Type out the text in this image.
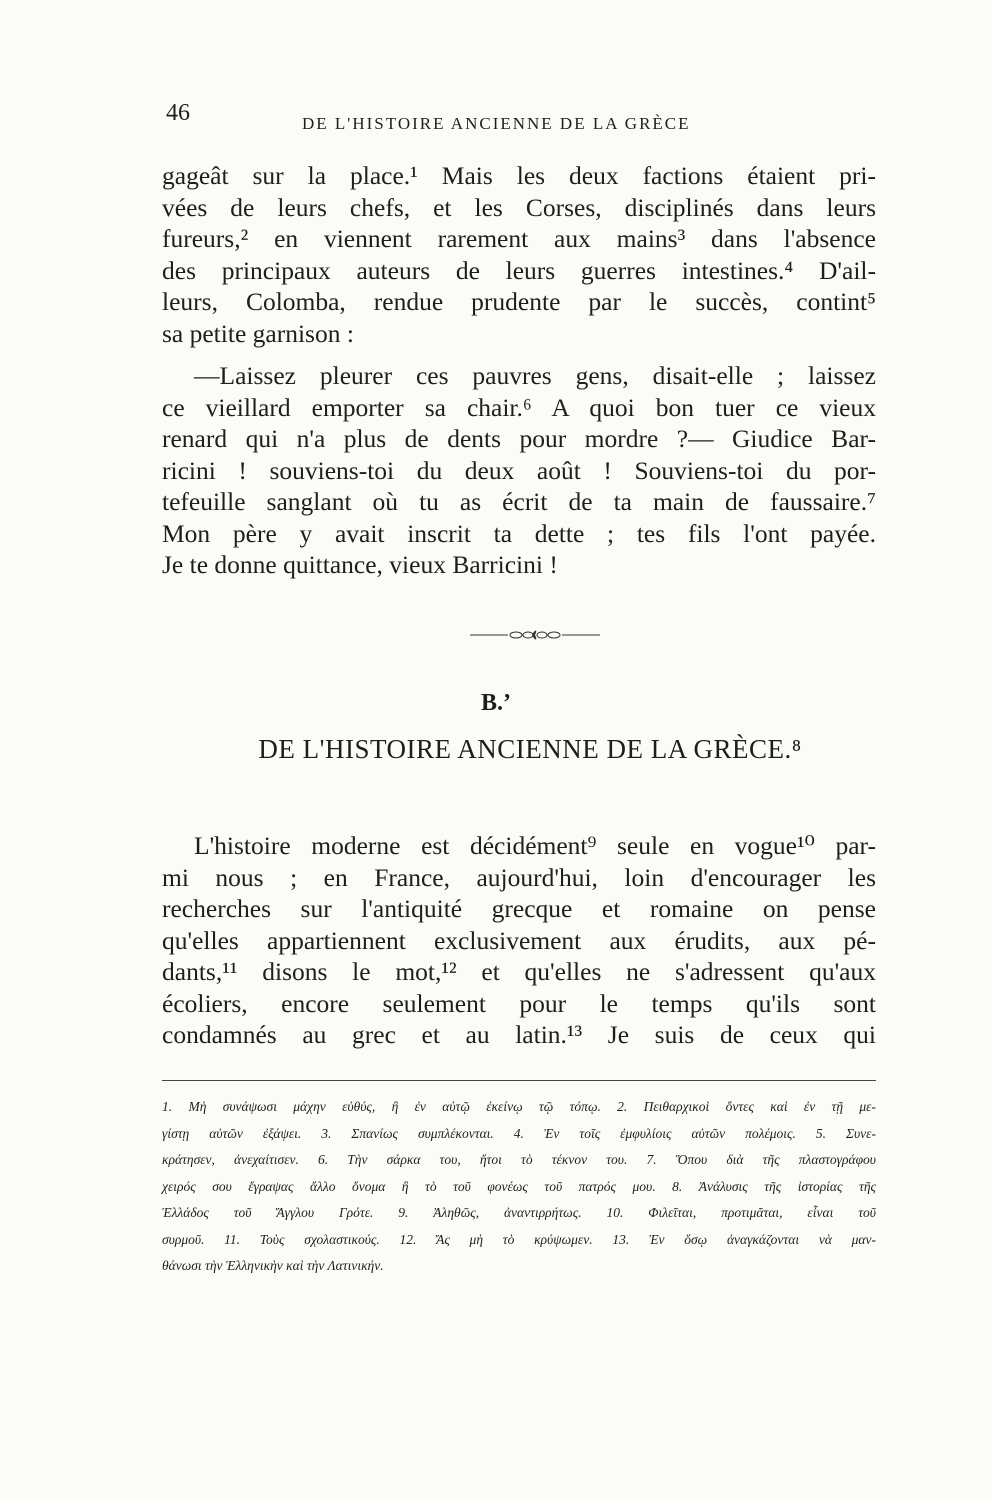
46	DE L'HISTOIRE ANCIENNE DE LA GRÈCE
gageât sur la place.¹ Mais les deux factions étaient pri-
vées de leurs chefs, et les Corses, disciplinés dans leurs
fureurs,² en viennent rarement aux mains³ dans l'absence
des principaux auteurs de leurs guerres intestines.⁴ D'ail-
leurs, Colomba, rendue prudente par le succès, contint⁵
sa petite garnison :
—Laissez pleurer ces pauvres gens, disait-elle ; laissez
ce vieillard emporter sa chair.⁶ A quoi bon tuer ce vieux
renard qui n'a plus de dents pour mordre ?— Giudice Bar-
ricini ! souviens-toi du deux août ! Souviens-toi du por-
tefeuille sanglant où tu as écrit de ta main de faussaire.⁷
Mon père y avait inscrit ta dette ; tes fils l'ont payée.
Je te donne quittance, vieux Barricini !
B.’
DE L'HISTOIRE ANCIENNE DE LA GRÈCE.⁸
L'histoire moderne est décidément⁹ seule en vogue¹⁰ par-
mi nous ; en France, aujourd'hui, loin d'encourager les
recherches sur l'antiquité grecque et romaine on pense
qu'elles appartiennent exclusivement aux érudits, aux pé-
dants,¹¹ disons le mot,¹² et qu'elles ne s'adressent qu'aux
écoliers, encore seulement pour le temps qu'ils sont
condamnés au grec et au latin.¹³ Je suis de ceux qui
1. Μὴ συνάψωσι μάχην εὐθύς, ἢ ἐν αὐτῷ ἐκείνῳ τῷ τόπῳ. 2. Πειθαρχικοὶ ὄντες καὶ ἐν τῇ με-
γίστῃ αὐτῶν ἐξάψει. 3. Σπανίως συμπλέκονται. 4. Ἐν τοῖς ἐμφυλίοις αὐτῶν πολέμοις. 5. Συνε-
κράτησεν, ἀνεχαίτισεν. 6. Τὴν σάρκα του, ἤτοι τὸ τέκνον του. 7. Ὅπου διὰ τῆς πλαστογράφου
χειρός σου ἔγραψας ἄλλο ὄνομα ἢ τὸ τοῦ φονέως τοῦ πατρός μου. 8. Ἀνάλυσις τῆς ἱστορίας τῆς
Ἑλλάδος τοῦ Ἄγγλου Γρότε. 9. Ἀληθῶς, ἀναντιρρήτως. 10. Φιλεῖται, προτιμᾶται, εἶναι τοῦ
συρμοῦ. 11. Τοὺς σχολαστικούς. 12. Ἄς μὴ τὸ κρύψωμεν. 13. Ἐν ὅσῳ ἀναγκάζονται νὰ μαν-
θάνωσι τὴν Ἑλληνικὴν καὶ τὴν Λατινικήν.
